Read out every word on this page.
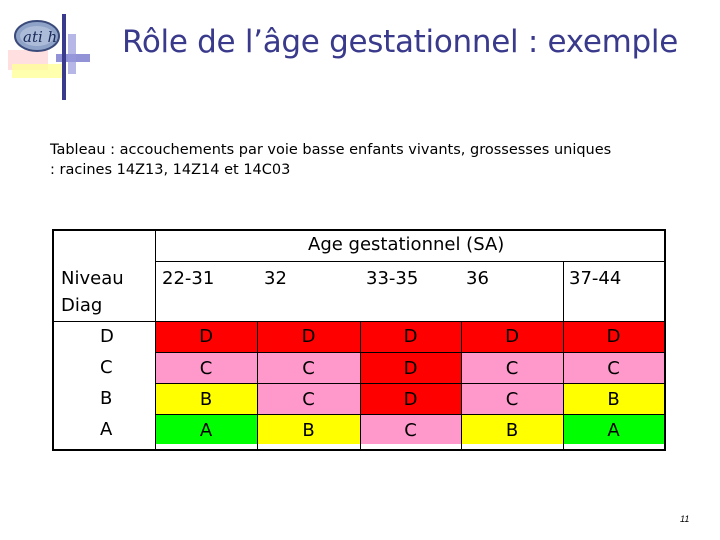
ati h Rôle de l’âge gestationnel : exemple
Tableau : accouchements par voie basse enfants vivants, grossesses uniques
: racines 14Z13, 14Z14 et 14C03
Age gestationnel (SA)
Niveau
Diag
22-31	32	33-35	36	37-44
D	D	D	D	D	D
C	C	C	D	C	C
B	B	C	D	C	B
A	A	B	C	B	A
11
